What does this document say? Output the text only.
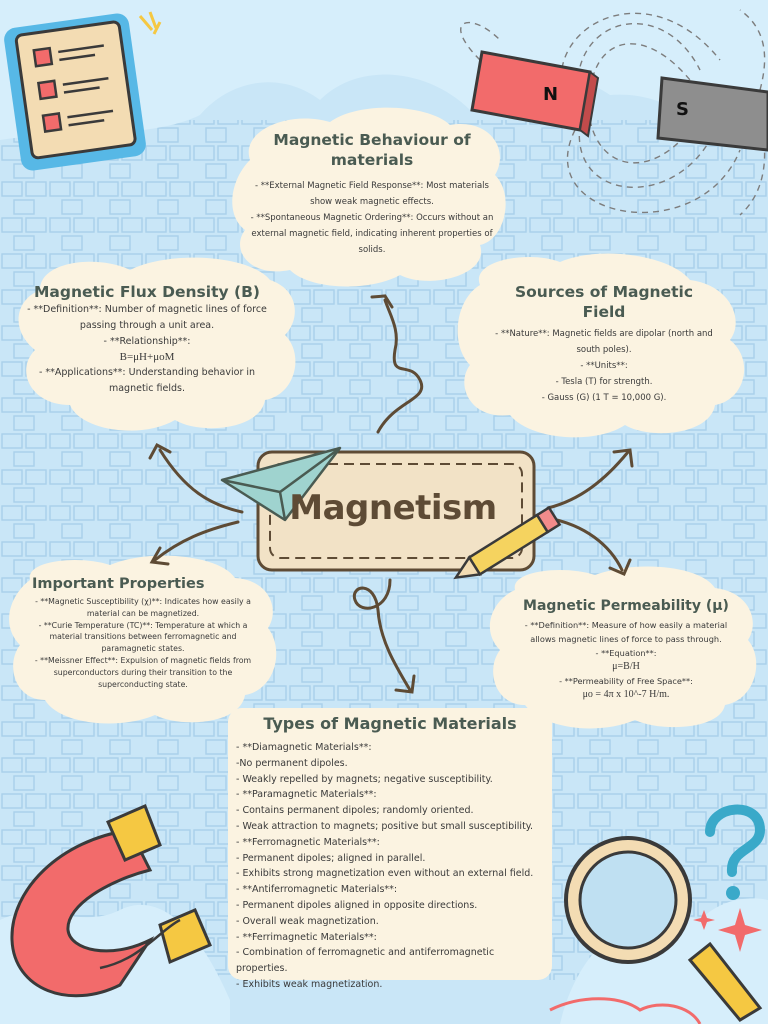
N
S
Magnetic Behaviour of
materials
- **External Magnetic Field Response**: Most materials
show weak magnetic effects.
- **Spontaneous Magnetic Ordering**: Occurs without an
external magnetic field, indicating inherent properties of
solids.
Magnetic Flux Density (B)
- **Definition**: Number of magnetic lines of force
passing through a unit area.
- **Relationship**:
B=μH+μoM
- **Applications**: Understanding behavior in
magnetic fields.
Sources of Magnetic
Field
- **Nature**: Magnetic fields are dipolar (north and
south poles).
- **Units**:
- Tesla (T) for strength.
- Gauss (G) (1 T = 10,000 G).
Magnetism
Important Properties
- **Magnetic Susceptibility (χ)**: Indicates how easily a
material can be magnetized.
- **Curie Temperature (TC)**: Temperature at which a
material transitions between ferromagnetic and
paramagnetic states.
- **Meissner Effect**: Expulsion of magnetic fields from
superconductors during their transition to the
superconducting state.
Magnetic Permeability (μ)
- **Definition**: Measure of how easily a material
allows magnetic lines of force to pass through.
- **Equation**:
μ=B/H
- **Permeability of Free Space**:
μo = 4π x 10^-7 H/m.
Types of Magnetic Materials
- **Diamagnetic Materials**:
-No permanent dipoles.
- Weakly repelled by magnets; negative susceptibility.
- **Paramagnetic Materials**:
- Contains permanent dipoles; randomly oriented.
- Weak attraction to magnets; positive but small susceptibility.
- **Ferromagnetic Materials**:
- Permanent dipoles; aligned in parallel.
- Exhibits strong magnetization even without an external field.
- **Antiferromagnetic Materials**:
- Permanent dipoles aligned in opposite directions.
- Overall weak magnetization.
- **Ferrimagnetic Materials**:
- Combination of ferromagnetic and antiferromagnetic properties.
- Exhibits weak magnetization.
